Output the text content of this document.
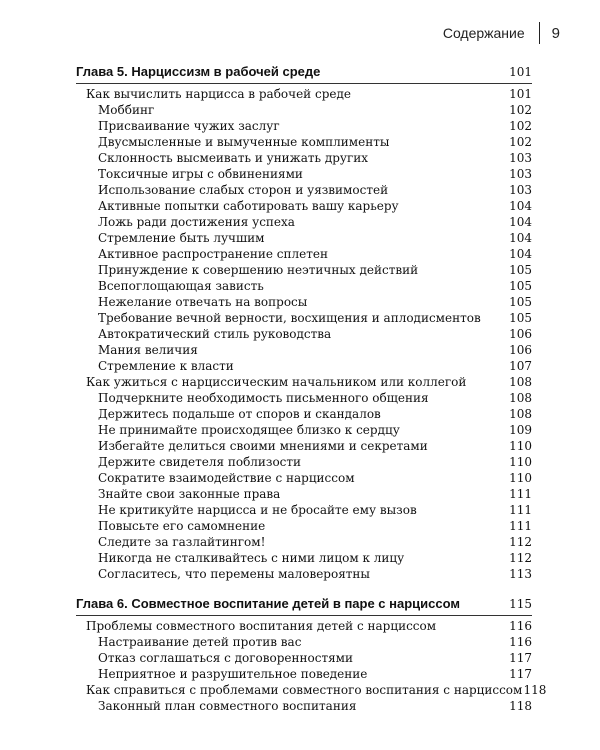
Содержание 9
Глава 5. Нарциссизм в рабочей среде	101
Как вычислить нарцисса в рабочей среде	101
Моббинг	102
Присваивание чужих заслуг	102
Двусмысленные и вымученные комплименты	102
Склонность высмеивать и унижать других	103
Токсичные игры с обвинениями	103
Использование слабых сторон и уязвимостей	103
Активные попытки саботировать вашу карьеру	104
Ложь ради достижения успеха	104
Стремление быть лучшим	104
Активное распространение сплетен	104
Принуждение к совершению неэтичных действий	105
Всепоглощающая зависть	105
Нежелание отвечать на вопросы	105
Требование вечной верности, восхищения и аплодисментов 105
Автократический стиль руководства	106
Мания величия	106
Стремление к власти	107
Как ужиться с нарциссическим начальником или коллегой	108
Подчеркните необходимость письменного общения	108
Держитесь подальше от споров и скандалов	108
Не принимайте происходящее близко к сердцу	109
Избегайте делиться своими мнениями и секретами	110
Держите свидетеля поблизости	110
Сократите взаимодействие с нарциссом	110
Знайте свои законные права	111
Не критикуйте нарцисса и не бросайте ему вызов	111
Повысьте его самомнение	111
Следите за газлайтингом!	112
Никогда не сталкивайтесь с ними лицом к лицу	112
Согласитесь, что перемены маловероятны	113
Глава 6. Совместное воспитание детей в паре с нарциссом	115
Проблемы совместного воспитания детей с нарциссом	116
Настраивание детей против вас	116
Отказ соглашаться с договоренностями	117
Неприятное и разрушительное поведение	117
Как справиться с проблемами совместного воспитания с нарциссом 118
Законный план совместного воспитания	118
